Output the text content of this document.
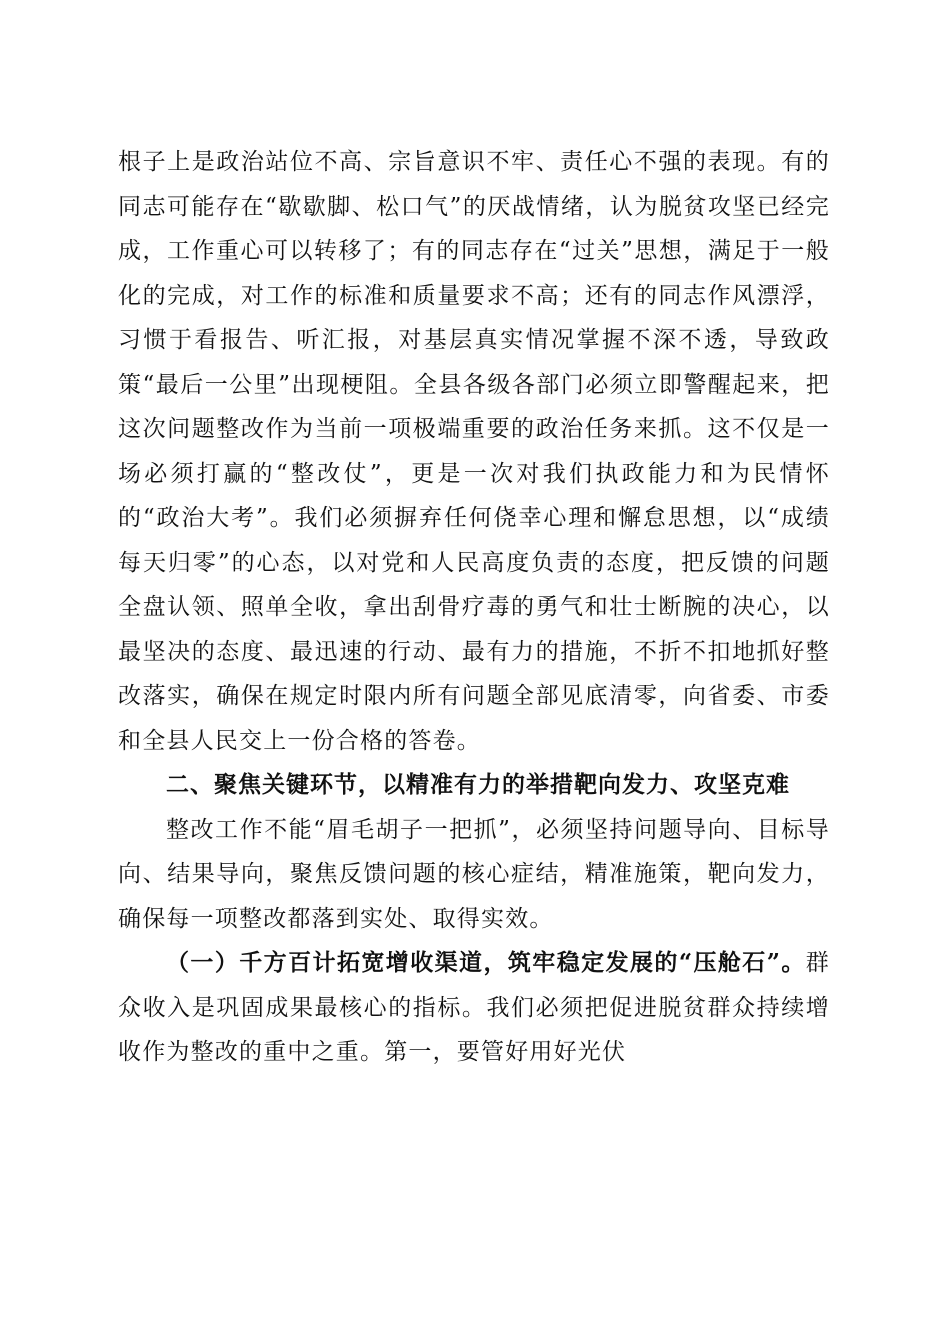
根子上是政治站位不高、宗旨意识不牢、责任心不强的表现。有的同志可能存在“歇歇脚、松口气”的厌战情绪，认为脱贫攻坚已经完成，工作重心可以转移了；有的同志存在“过关”思想，满足于一般化的完成，对工作的标准和质量要求不高；还有的同志作风漂浮，习惯于看报告、听汇报，对基层真实情况掌握不深不透，导致政策“最后一公里”出现梗阻。全县各级各部门必须立即警醒起来，把这次问题整改作为当前一项极端重要的政治任务来抓。这不仅是一场必须打赢的“整改仗”，更是一次对我们执政能力和为民情怀的“政治大考”。我们必须摒弃任何侥幸心理和懈怠思想，以“成绩每天归零”的心态，以对党和人民高度负责的态度，把反馈的问题全盘认领、照单全收，拿出刮骨疗毒的勇气和壮士断腕的决心，以最坚决的态度、最迅速的行动、最有力的措施，不折不扣地抓好整改落实，确保在规定时限内所有问题全部见底清零，向省委、市委和全县人民交上一份合格的答卷。

二、聚焦关键环节，以精准有力的举措靶向发力、攻坚克难

整改工作不能“眉毛胡子一把抓”，必须坚持问题导向、目标导向、结果导向，聚焦反馈问题的核心症结，精准施策，靶向发力，确保每一项整改都落到实处、取得实效。

（一）千方百计拓宽增收渠道，筑牢稳定发展的“压舱石”。群众收入是巩固成果最核心的指标。我们必须把促进脱贫群众持续增收作为整改的重中之重。第一，要管好用好光伏
